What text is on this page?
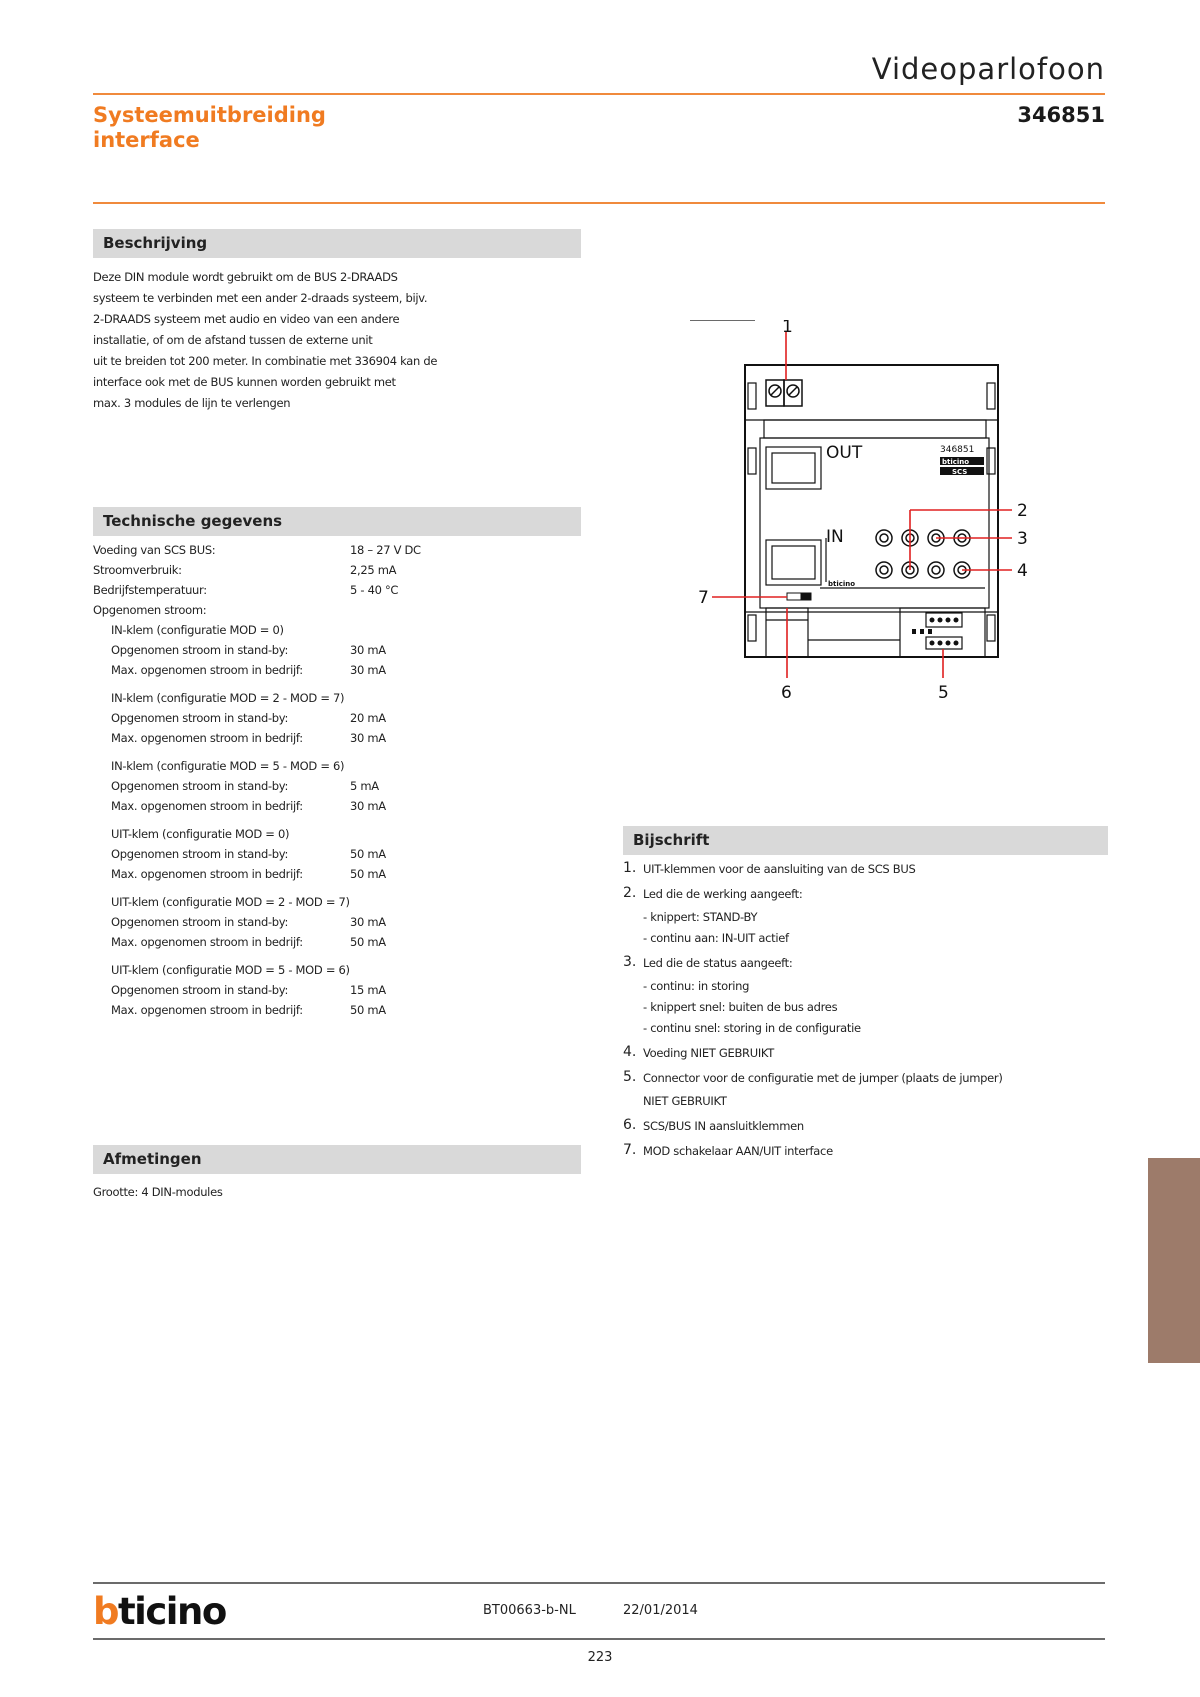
Videoparlofoon
Systeemuitbreiding
interface
346851
Beschrijving
Deze DIN module wordt gebruikt om de BUS 2-DRAADS
systeem te verbinden met een ander 2-draads systeem, bijv.
2-DRAADS systeem met audio en video van een andere
installatie, of om de afstand tussen de externe unit
uit te breiden tot 200 meter. In combinatie met 336904 kan de
interface ook met de BUS kunnen worden gebruikt met
max. 3 modules de lijn te verlengen
Technische gegevens
Voeding van SCS BUS:	18 – 27 V DC
Stroomverbruik:	2,25 mA
Bedrijfstemperatuur:	5 - 40 °C
Opgenomen stroom:
IN-klem (configuratie MOD = 0)
Opgenomen stroom in stand-by:	30 mA
Max. opgenomen stroom in bedrijf:	30 mA
IN-klem (configuratie MOD = 2 - MOD = 7)
Opgenomen stroom in stand-by:	20 mA
Max. opgenomen stroom in bedrijf:	30 mA
IN-klem (configuratie MOD = 5 - MOD = 6)
Opgenomen stroom in stand-by:	5 mA
Max. opgenomen stroom in bedrijf:	30 mA
UIT-klem (configuratie MOD = 0)
Opgenomen stroom in stand-by:	50 mA
Max. opgenomen stroom in bedrijf:	50 mA
UIT-klem (configuratie MOD = 2 - MOD = 7)
Opgenomen stroom in stand-by:	30 mA
Max. opgenomen stroom in bedrijf:	50 mA
UIT-klem (configuratie MOD = 5 - MOD = 6)
Opgenomen stroom in stand-by:	15 mA
Max. opgenomen stroom in bedrijf:	50 mA
Afmetingen
Grootte: 4 DIN-modules
OUT
IN
346851
bticino
SCS
bticino
1
2
3
4
5
6
7
Bijschrift
1. UIT-klemmen voor de aansluiting van de SCS BUS
2. Led die de werking aangeeft:
- knippert: STAND-BY
- continu aan: IN-UIT actief
3. Led die de status aangeeft:
- continu: in storing
- knippert snel: buiten de bus adres
- continu snel: storing in de configuratie
4. Voeding NIET GEBRUIKT
5. Connector voor de configuratie met de jumper (plaats de jumper)
NIET GEBRUIKT
6. SCS/BUS IN aansluitklemmen
7. MOD schakelaar AAN/UIT interface
bticino	BT00663-b-NL	22/01/2014
223
